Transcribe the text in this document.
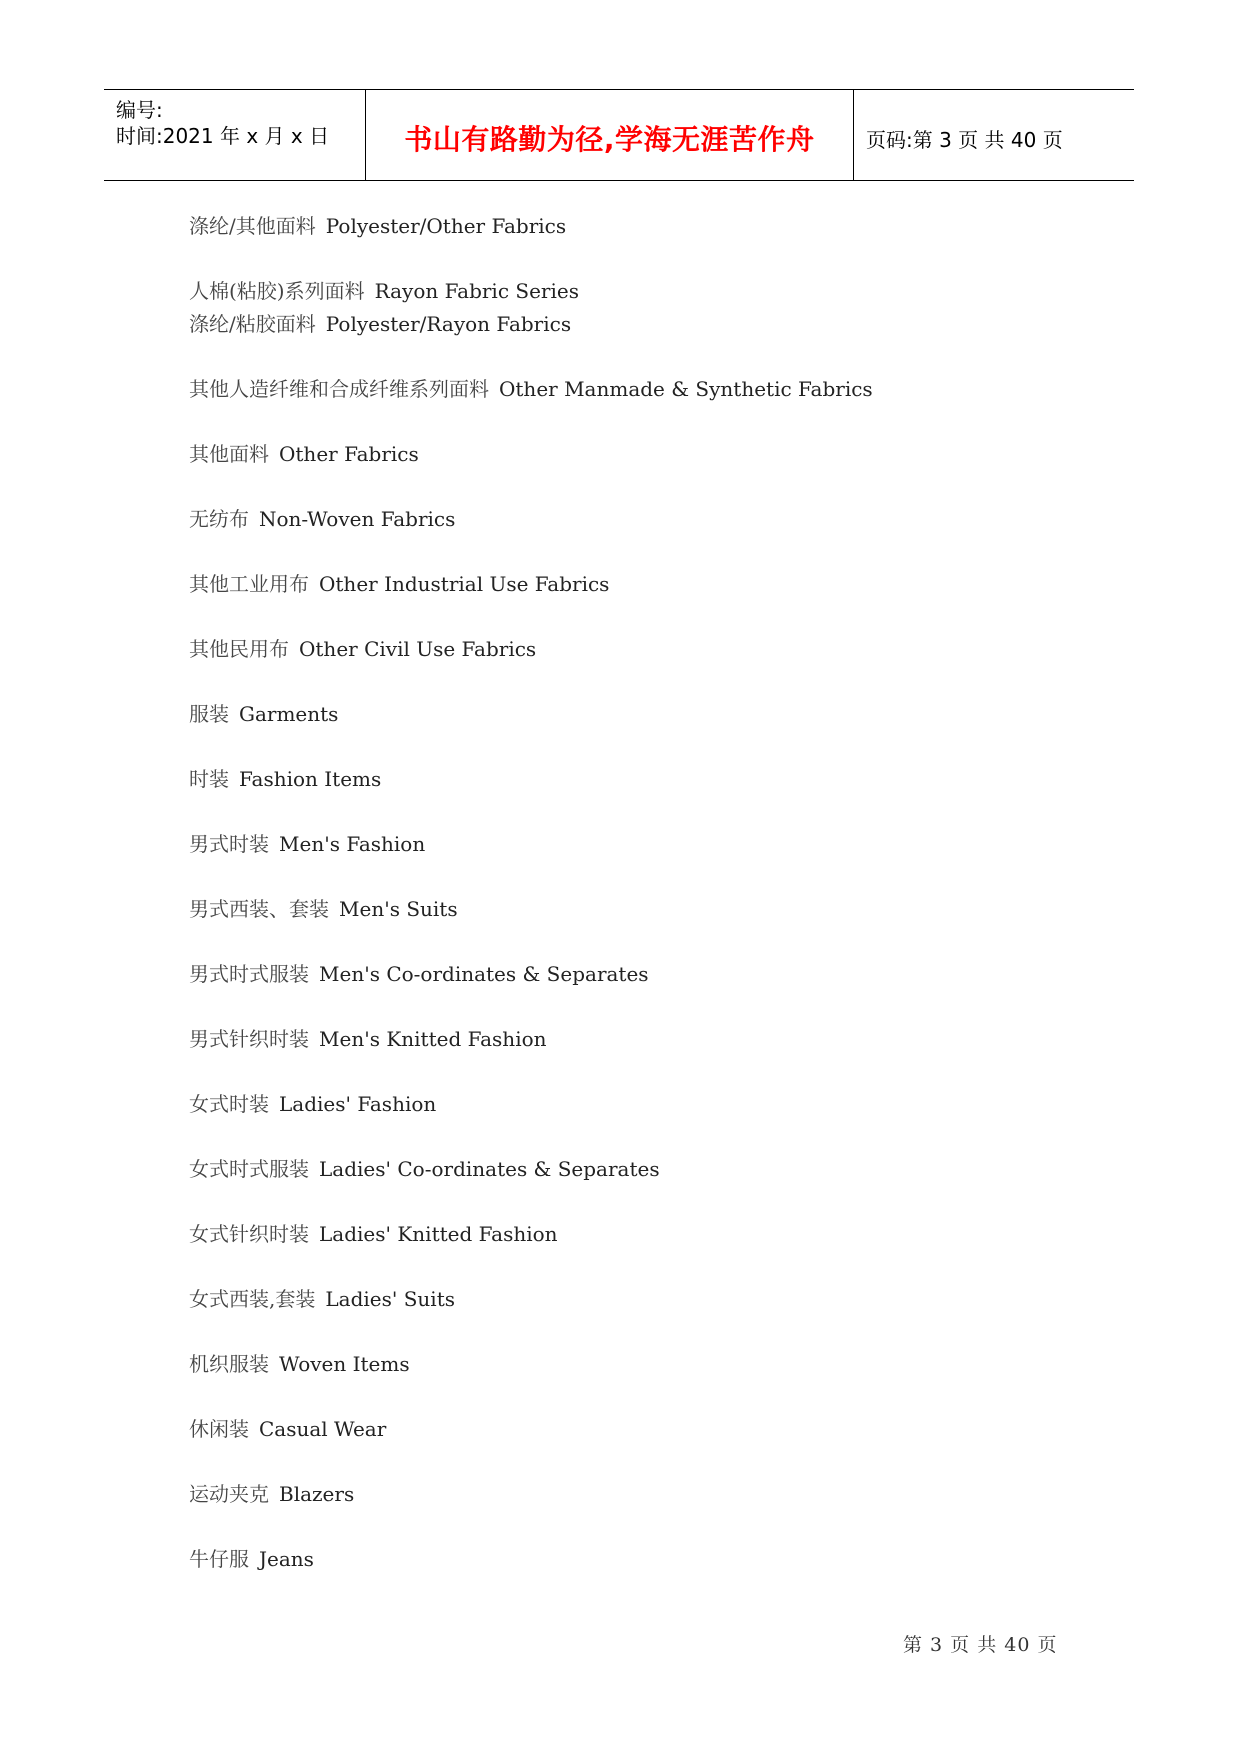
编号:
时间:2021 年 x 月 x 日	书山有路勤为径,学海无涯苦作舟	页码:第 3 页 共 40 页
涤纶/其他面料 Polyester/Other Fabrics
人棉(粘胶)系列面料 Rayon Fabric Series
涤纶/粘胶面料 Polyester/Rayon Fabrics
其他人造纤维和合成纤维系列面料 Other Manmade & Synthetic Fabrics
其他面料 Other Fabrics
无纺布 Non-Woven Fabrics
其他工业用布 Other Industrial Use Fabrics
其他民用布 Other Civil Use Fabrics
服装 Garments
时装 Fashion Items
男式时装 Men's Fashion
男式西装、套装 Men's Suits
男式时式服装 Men's Co-ordinates & Separates
男式针织时装 Men's Knitted Fashion
女式时装 Ladies' Fashion
女式时式服装 Ladies' Co-ordinates & Separates
女式针织时装 Ladies' Knitted Fashion
女式西装,套装 Ladies' Suits
机织服装 Woven Items
休闲装 Casual Wear
运动夹克 Blazers
牛仔服 Jeans
第 3 页 共 40 页
